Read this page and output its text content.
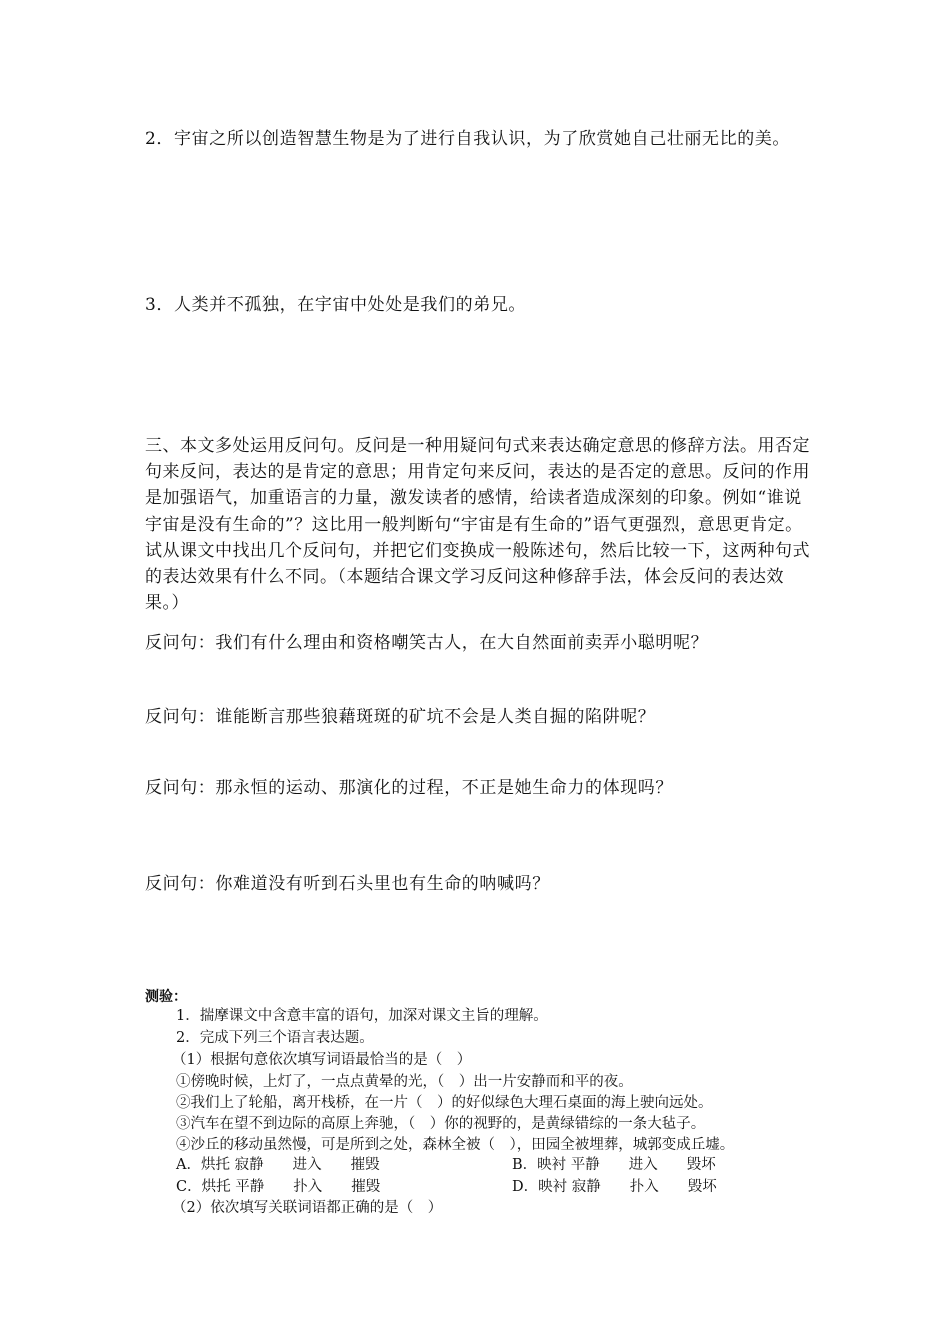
2．宇宙之所以创造智慧生物是为了进行自我认识，为了欣赏她自己壮丽无比的美。
3．人类并不孤独，在宇宙中处处是我们的弟兄。
三、本文多处运用反问句。反问是一种用疑问句式来表达确定意思的修辞方法。用否定句来反问，表达的是肯定的意思；用肯定句来反问，表达的是否定的意思。反问的作用是加强语气，加重语言的力量，激发读者的感情，给读者造成深刻的印象。例如“谁说宇宙是没有生命的”？这比用一般判断句“宇宙是有生命的”语气更强烈，意思更肯定。试从课文中找出几个反问句，并把它们变换成一般陈述句，然后比较一下，这两种句式的表达效果有什么不同。（本题结合课文学习反问这种修辞手法，体会反问的表达效果。）
反问句：我们有什么理由和资格嘲笑古人，在大自然面前卖弄小聪明呢？
反问句：谁能断言那些狼藉斑斑的矿坑不会是人类自掘的陷阱呢？
反问句：那永恒的运动、那演化的过程，不正是她生命力的体现吗？
反问句：你难道没有听到石头里也有生命的呐喊吗？
测验：
1．揣摩课文中含意丰富的语句，加深对课文主旨的理解。
2．完成下列三个语言表达题。
（1）根据句意依次填写词语最恰当的是（　）
①傍晚时候，上灯了，一点点黄晕的光，（　）出一片安静而和平的夜。
②我们上了轮船，离开栈桥，在一片（　）的好似绿色大理石桌面的海上驶向远处。
③汽车在望不到边际的高原上奔驰，（　）你的视野的，是黄绿错综的一条大毡子。
④沙丘的移动虽然慢，可是所到之处，森林全被（　），田园全被埋葬，城郭变成丘墟。
A．烘托 寂静　　进入　　摧毁	B．映衬 平静　　进入　　毁坏
C．烘托 平静　　扑入　　摧毁	D．映衬 寂静　　扑入　　毁坏
（2）依次填写关联词语都正确的是（　）
